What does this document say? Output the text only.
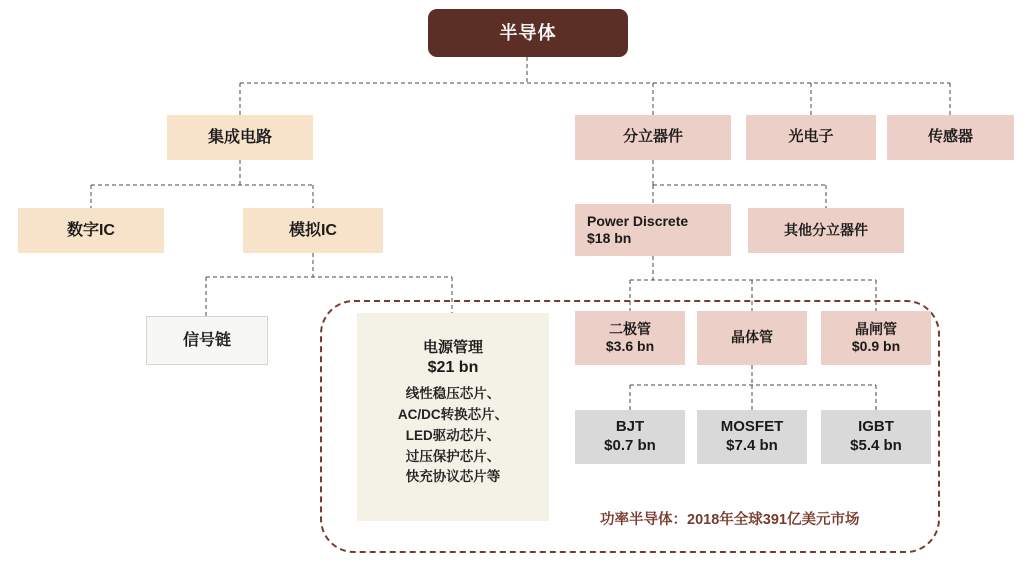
功率半导体：2018年全球391亿美元市场
半导体
集成电路	分立器件	光电子	传感器
数字IC	模拟IC
Power Discrete
$18 bn
其他分立器件
信号链	电源管理
$21 bn
线性稳压芯片、
AC/DC转换芯片、
LED驱动芯片、
过压保护芯片、
快充协议芯片等
二极管
$3.6 bn
晶体管
晶闸管
$0.9 bn
BJT
$0.7 bn
MOSFET
$7.4 bn
IGBT
$5.4 bn
